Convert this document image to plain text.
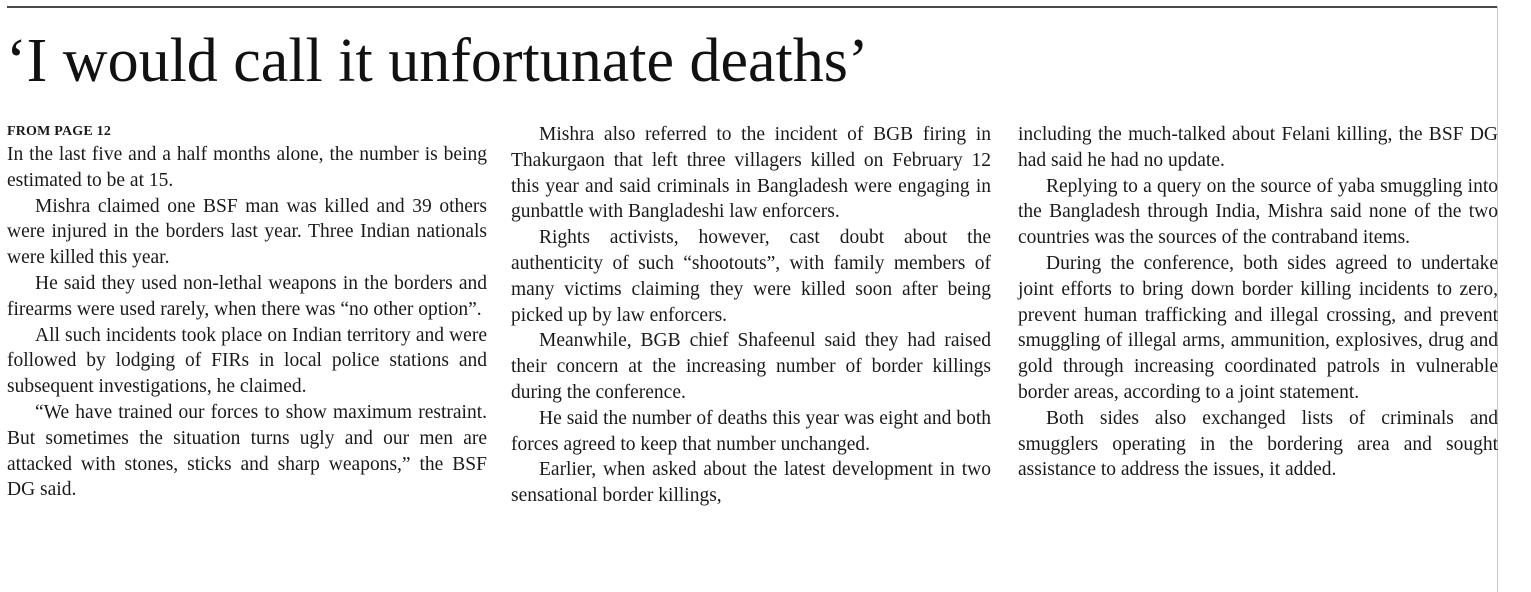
‘I would call it unfortunate deaths’

FROM PAGE 12

In the last five and a half months alone, the number is being estimated to be at 15.

Mishra claimed one BSF man was killed and 39 others were injured in the borders last year. Three Indian nationals were killed this year.

He said they used non-lethal weapons in the borders and firearms were used rarely, when there was “no other option”.

All such incidents took place on Indian territory and were followed by lodging of FIRs in local police stations and subsequent investigations, he claimed.

“We have trained our forces to show maximum restraint. But sometimes the situation turns ugly and our men are attacked with stones, sticks and sharp weapons,” the BSF DG said.

Mishra also referred to the incident of BGB firing in Thakurgaon that left three villagers killed on February 12 this year and said criminals in Bangladesh were engaging in gunbattle with Bangladeshi law enforcers.

Rights activists, however, cast doubt about the authenticity of such “shootouts”, with family members of many victims claiming they were killed soon after being picked up by law enforcers.

Meanwhile, BGB chief Shafeenul said they had raised their concern at the increasing number of border killings during the conference.

He said the number of deaths this year was eight and both forces agreed to keep that number unchanged.

Earlier, when asked about the latest development in two sensational border killings,

including the much-talked about Felani killing, the BSF DG had said he had no update.

Replying to a query on the source of yaba smuggling into the Bangladesh through India, Mishra said none of the two countries was the sources of the contraband items.

During the conference, both sides agreed to undertake joint efforts to bring down border killing incidents to zero, prevent human trafficking and illegal crossing, and prevent smuggling of illegal arms, ammunition, explosives, drug and gold through increasing coordinated patrols in vulnerable border areas, according to a joint statement.

Both sides also exchanged lists of criminals and smugglers operating in the bordering area and sought assistance to address the issues, it added.
